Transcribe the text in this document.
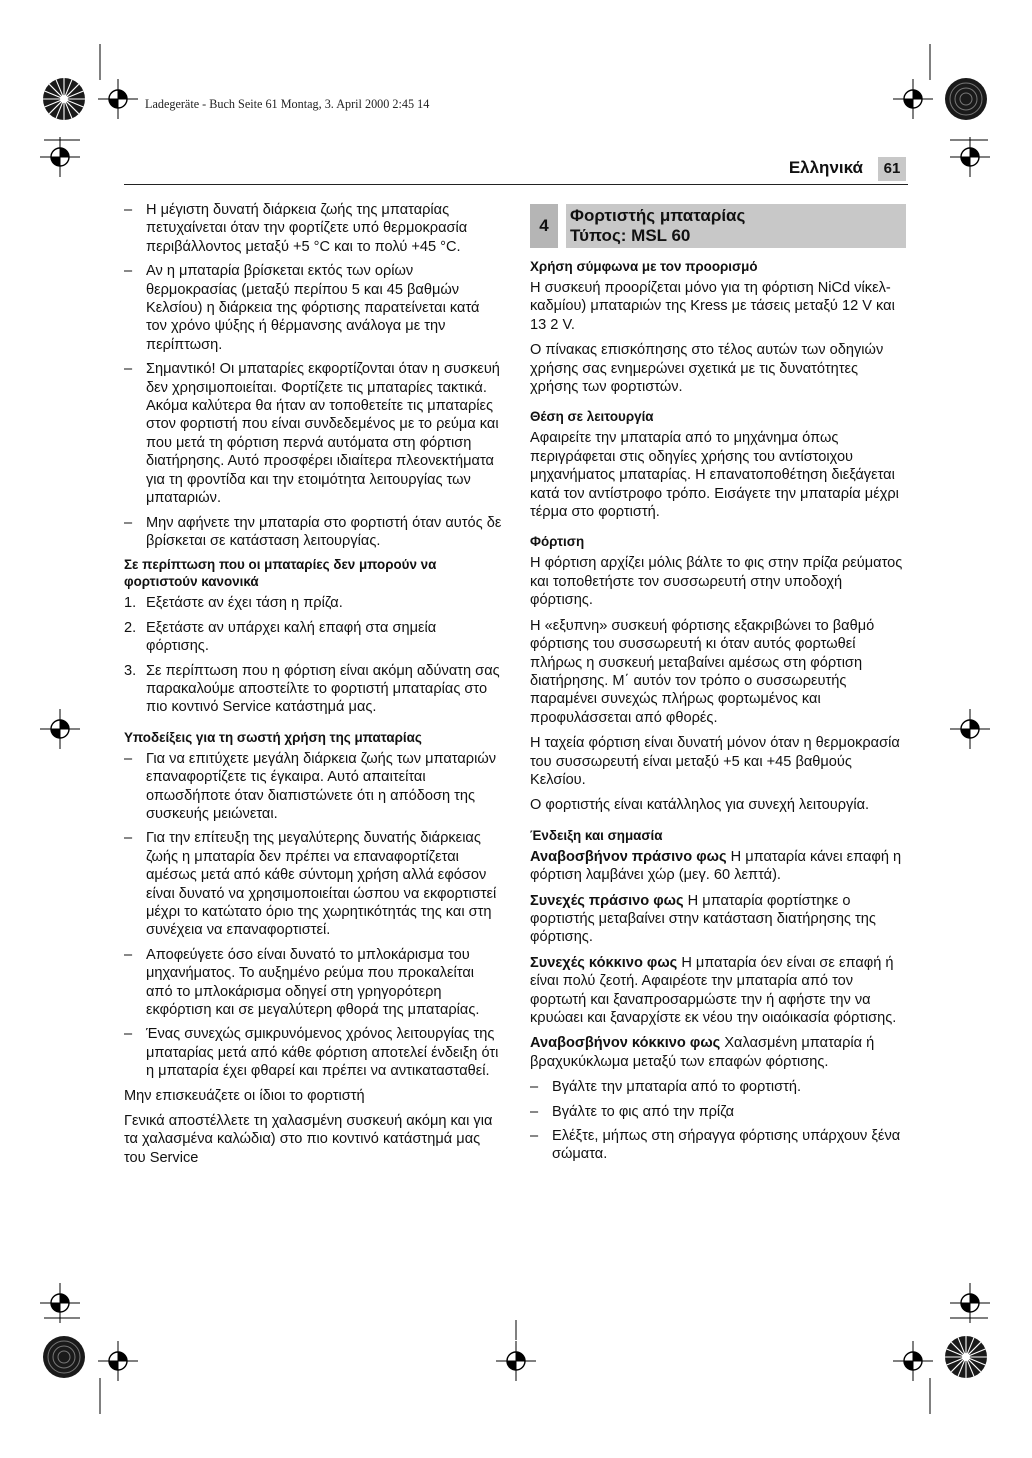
Ladegeräte - Buch Seite 61 Montag, 3. April 2000 2:45 14
Ελληνικά	61
– Η μέγιστη δυνατή διάρκεια ζωής της μπαταρίας πετυχαίνεται όταν την φορτίζετε υπό θερμοκρασία περιβάλλοντος μεταξύ +5 °C και το πολύ +45 °C.
– Αν η μπαταρία βρίσκεται εκτός των ορίων θερμοκρασίας (μεταξύ περίπου 5 και 45 βαθμών Κελσίου) η διάρκεια της φόρτισης παρατείνεται κατά τον χρόνο ψύξης ή θέρμανσης ανάλογα με την περίπτωση.
– Σημαντικό! Οι μπαταρίες εκφορτίζονται όταν η συσκευή δεν χρησιμοποιείται. Φορτίζετε τις μπαταρίες τακτικά.
Ακόμα καλύτερα θα ήταν αν τοποθετείτε τις μπαταρίες στον φορτιστή που είναι συνδεδεμένος με το ρεύμα και που μετά τη φόρτιση περνά αυτόματα στη φόρτιση διατήρησης. Αυτό προσφέρει ιδιαίτερα πλεονεκτήματα για τη φροντίδα και την ετοιμότητα λειτουργίας των μπαταριών.
– Μην αφήνετε την μπαταρία στο φορτιστή όταν αυτός δε βρίσκεται σε κατάσταση λειτουργίας.
Σε περίπτωση που οι μπαταρίες δεν μπορούν να φορτιστούν κανονικά
1. Εξετάστε αν έχει τάση η πρίζα.
2. Εξετάστε αν υπάρχει καλή επαφή στα σημεία φόρτισης.
3. Σε περίπτωση που η φόρτιση είναι ακόμη αδύνατη σας παρακαλούμε αποστείλτε το φορτιστή μπαταρίας στο πιο κοντινό Service κατάστημά μας.
Υποδείξεις για τη σωστή χρήση της μπαταρίας
– Για να επιτύχετε μεγάλη διάρκεια ζωής των μπαταριών επαναφορτίζετε τις έγκαιρα. Αυτό απαιτείται οπωσδήποτε όταν διαπιστώνετε ότι η απόδοση της συσκευής μειώνεται.
– Για την επίτευξη της μεγαλύτερης δυνατής διάρκειας ζωής η μπαταρία δεν πρέπει να επαναφορτίζεται αμέσως μετά από κάθε σύντομη χρήση αλλά εφόσον είναι δυνατό να χρησιμοποιείται ώσπου να εκφορτιστεί μέχρι το κατώτατο όριο της χωρητικότητάς της και στη συνέχεια να επαναφορτιστεί.
– Αποφεύγετε όσο είναι δυνατό το μπλοκάρισμα του μηχανήματος. Το αυξημένο ρεύμα που προκαλείται από το μπλοκάρισμα οδηγεί στη γρηγορότερη εκφόρτιση και σε μεγαλύτερη φθορά της μπαταρίας.
– Ένας συνεχώς σμικρυνόμενος χρόνος λειτουργίας της μπαταρίας μετά από κάθε φόρτιση αποτελεί ένδειξη ότι η μπαταρία έχει φθαρεί και πρέπει να αντικατασταθεί.

Μην επισκευάζετε οι ίδιοι το φορτιστή

Γενικά αποστέλλετε τη χαλασμένη συσκευή ακόμη και για τα χαλασμένα καλώδια) στο πιο κοντινό κατάστημά μας του Service

4
Φορτιστής μπαταρίας
Τύπος: MSL 60
Χρήση σύμφωνα με τον προορισμό

Η συσκευή προορίζεται μόνο για τη φόρτιση NiCd νίκελ-καδμίου) μπαταριών της Kress με τάσεις μεταξύ 12 V και 13 2 V.

Ο πίνακας επισκόπησης στο τέλος αυτών των οδηγιών χρήσης σας ενημερώνει σχετικά με τις δυνατότητες χρήσης των φορτιστών.

Θέση σε λειτουργία

Αφαιρείτε την μπαταρία από το μηχάνημα όπως περιγράφεται στις οδηγίες χρήσης του αντίστοιχου μηχανήματος μπαταρίας. Η επανατοποθέτηση διεξάγεται κατά τον αντίστροφο τρόπο. Εισάγετε την μπαταρία μέχρι τέρμα στο φορτιστή.

Φόρτιση

Η φόρτιση αρχίζει μόλις βάλτε το φις στην πρίζα ρεύματος και τοποθετήστε τον συσσωρευτή στην υποδοχή φόρτισης.

Η «εξυπνη» συσκευή φόρτισης εξακριβώνει το βαθμό φόρτισης του συσσωρευτή κι όταν αυτός φορτωθεί πλήρως η συσκευή μεταβαίνει αμέσως στη φόρτιση διατήρησης. Μ΄ αυτόν τον τρόπο ο συσσωρευτής παραμένει συνεχώς πλήρως φορτωμένος και προφυλάσσεται από φθορές.

Η ταχεία φόρτιση είναι δυνατή μόνον όταν η θερμοκρασία του συσσωρευτή είναι μεταξύ +5 και +45 βαθμούς Κελσίου.

Ο φορτιστής είναι κατάλληλος για συνεχή λειτουργία.

Ένδειξη και σημασία

Αναβοσβήνον πράσινο φως Η μπαταρία κάνει επαφή η φόρτιση λαμβάνει χώρ (μεγ. 60 λεπτά).

Συνεχές πράσινο φως Η μπαταρία φορτίστηκε ο φορτιστής μεταβαίνει στην κατάσταση διατήρησης της φόρτισης.

Συνεχές κόκκινο φως Η μπαταρία όεν είναι σε επαφή ή είναι πολύ ζεοτή. Αφαιρέοτε την μπαταρία από τον φορτωτή και ξαναπροσαρμώστε την ή αφήστε την να κρυώαει και ξαναρχίστε εκ νέου την οιαόικασία φόρτισης.

Αναβοσβήνον κόκκινο φως Χαλασμένη μπαταρία ή βραχυκύκλωμα μεταξύ των επαφών φόρτισης.

– Βγάλτε την μπαταρία από το φορτιστή.
– Βγάλτε το φις από την πρίζα
– Ελέξτε, μήπως στη σήραγγα φόρτισης υπάρχουν ξένα σώματα.
